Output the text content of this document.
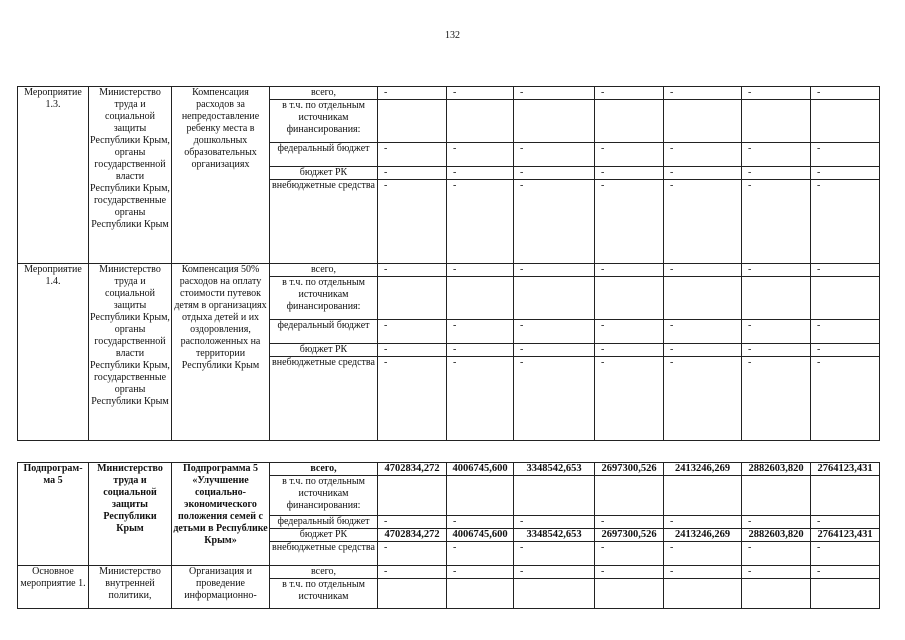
132
Мероприятие 1.3.	Министерство труда и социальной защиты Республики Крым, органы государственной власти Республики Крым, государственные органы Республики Крым	Компенсация расходов за непредоставление ребенку места в дошкольных образовательных организациях	всего,	-	-	-	-	-	-	-
			в т.ч. по отдельным источникам финансирования:							
			федеральный бюджет	-	-	-	-	-	-	-
			бюджет РК	-	-	-	-	-	-	-
			внебюджетные средства	-	-	-	-	-	-	-
Мероприятие 1.4.	Министерство труда и социальной защиты Республики Крым, органы государственной власти Республики Крым, государственные органы Республики Крым	Компенсация 50% расходов на оплату стоимости путевок детям в организациях отдыха детей и их оздоровления, расположенных на территории Республики Крым	всего,	-	-	-	-	-	-	-
			в т.ч. по отдельным источникам финансирования:							
			федеральный бюджет	-	-	-	-	-	-	-
			бюджет РК	-	-	-	-	-	-	-
			внебюджетные средства	-	-	-	-	-	-	-
Подпрограм-ма 5	Министерство труда и социальной защиты Республики Крым	Подпрограмма 5 «Улучшение социально-экономического положения семей с детьми в Республике Крым»	всего,	4702834,272	4006745,600	3348542,653	2697300,526	2413246,269	2882603,820	2764123,431
			в т.ч. по отдельным источникам финансирования:							
			федеральный бюджет	-	-	-	-	-	-	-
			бюджет РК	4702834,272	4006745,600	3348542,653	2697300,526	2413246,269	2882603,820	2764123,431
			внебюджетные средства	-	-	-	-	-	-	-
Основное мероприятие 1.	Министерство внутренней политики,	Организация и проведение информационно-	всего,	-	-	-	-	-	-	-
			в т.ч. по отдельным источникам							
